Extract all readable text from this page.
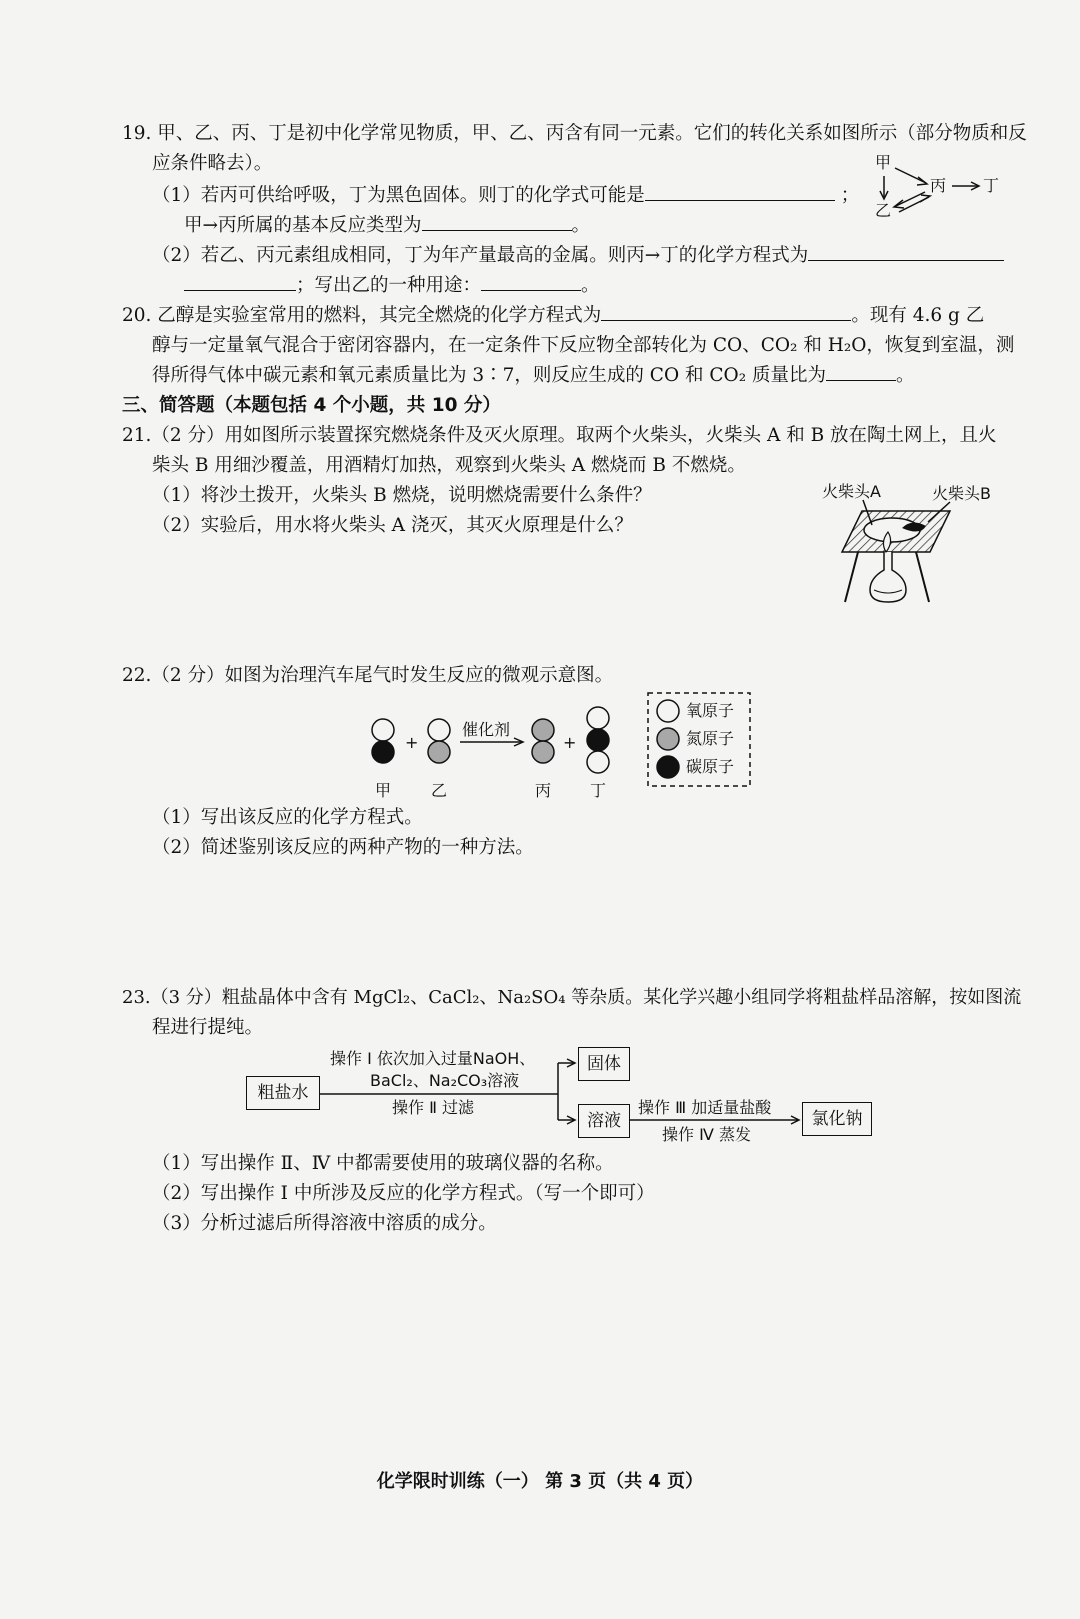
19. 甲、乙、丙、丁是初中化学常见物质，甲、乙、丙含有同一元素。它们的转化关系如图所示（部分物质和反
应条件略去）。
（1）若丙可供给呼吸，丁为黑色固体。则丁的化学式可能是	；
甲→丙所属的基本反应类型为	。
（2）若乙、丙元素组成相同，丁为年产量最高的金属。则丙→丁的化学方程式为
；写出乙的一种用途：	。
甲
乙
丙 丁
20. 乙醇是实验室常用的燃料，其完全燃烧的化学方程式为	。现有 4.6 g 乙
醇与一定量氧气混合于密闭容器内，在一定条件下反应物全部转化为 CO、CO₂ 和 H₂O，恢复到室温，测
得所得气体中碳元素和氧元素质量比为 3∶7，则反应生成的 CO 和 CO₂ 质量比为	。
三、简答题（本题包括 4 个小题，共 10 分）
21.（2 分）用如图所示装置探究燃烧条件及灭火原理。取两个火柴头，火柴头 A 和 B 放在陶土网上，且火
柴头 B 用细沙覆盖，用酒精灯加热，观察到火柴头 A 燃烧而 B 不燃烧。
（1）将沙土拨开，火柴头 B 燃烧，说明燃烧需要什么条件？
（2）实验后，用水将火柴头 A 浇灭，其灭火原理是什么？
火柴头A	火柴头B
22.（2 分）如图为治理汽车尾气时发生反应的微观示意图。
+	+
催化剂
甲 乙	丙 丁
氧原子
氮原子
碳原子
（1）写出该反应的化学方程式。
（2）简述鉴别该反应的两种产物的一种方法。
23.（3 分）粗盐晶体中含有 MgCl₂、CaCl₂、Na₂SO₄ 等杂质。某化学兴趣小组同学将粗盐样品溶解，按如图流
程进行提纯。
粗盐水
固体
溶液	氯化钠
操作 Ⅰ 依次加入过量NaOH、
BaCl₂、Na₂CO₃溶液
操作 Ⅱ 过滤	操作 Ⅲ 加适量盐酸
操作 Ⅳ 蒸发
（1）写出操作 Ⅱ、Ⅳ 中都需要使用的玻璃仪器的名称。
（2）写出操作 Ⅰ 中所涉及反应的化学方程式。（写一个即可）
（3）分析过滤后所得溶液中溶质的成分。
化学限时训练（一） 第 3 页（共 4 页）
